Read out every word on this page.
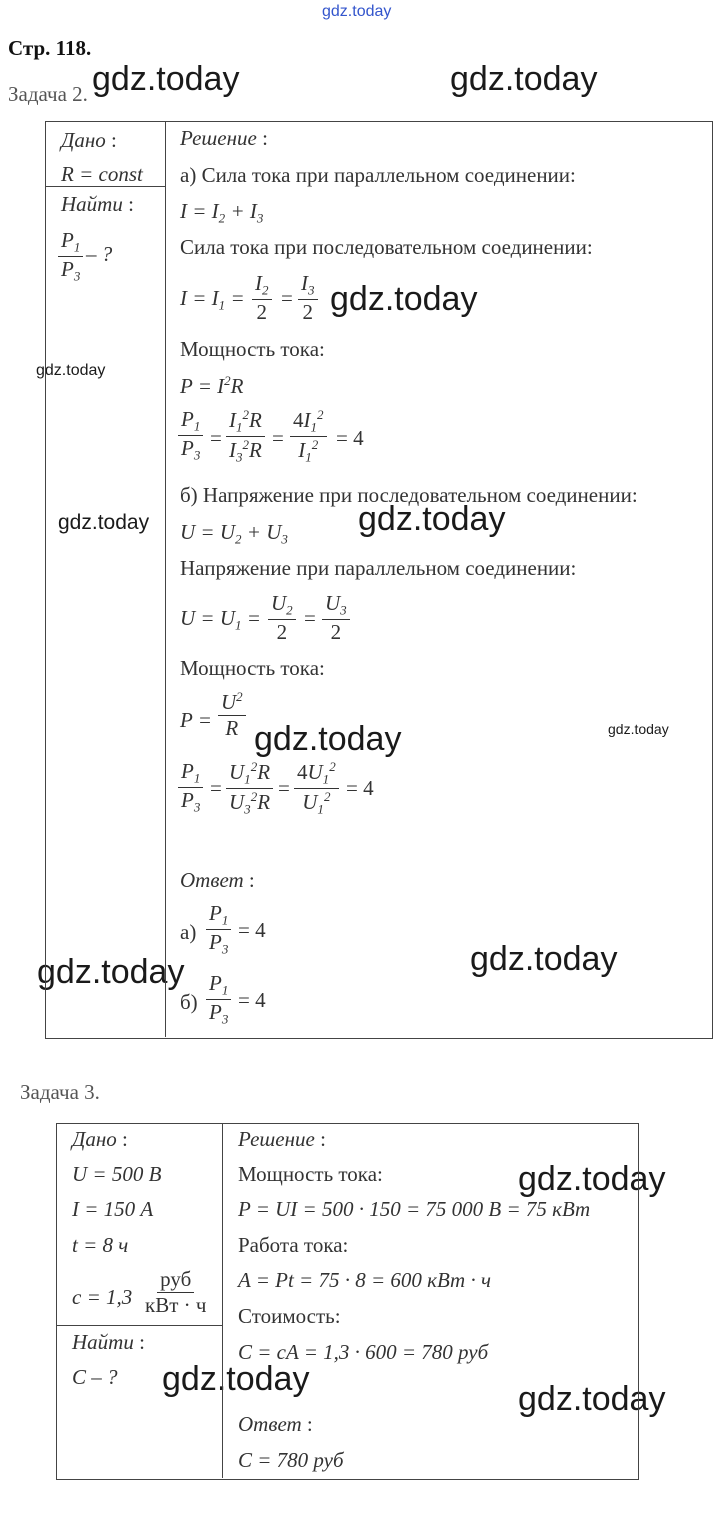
gdz.today
gdz.today	gdz.today
gdz.today
gdz.today
gdz.today	gdz.today
gdz.today	gdz.today
gdz.today	gdz.today
gdz.today
gdz.today
gdz.today
Стр. 118.
Задача 2.
Дано :
R = const
Найти :
$\frac{P_1}{P_3}$ – ?
Решение :
а) Сила тока при параллельном соединении:
$I = I_2 + I_3$
Сила тока при последовательном соединении:
$I = I_1 = \frac{I_2}{2} = \frac{I_3}{2}$
Мощность тока:
$P = I^2R$
$\frac{P_1}{P_3} = \frac{I_1^2R}{I_3^2R} = \frac{4I_1^2}{I_1^2} = 4$
б) Напряжение при последовательном соединении:
$U = U_2 + U_3$
Напряжение при параллельном соединении:
$U = U_1 = \frac{U_2}{2} = \frac{U_3}{2}$
Мощность тока:
$P = \frac{U^2}{R}$
$\frac{P_1}{P_3} = \frac{U_1^2R}{U_3^2R} = \frac{4U_1^2}{U_1^2} = 4$
Ответ :
$а) \frac{P_1}{P_3} = 4$
$б) \frac{P_1}{P_3} = 4$
Задача 3.
Дано :
U = 500 В
I = 150 А
t = 8 ч
c = 1,3
руб
кВт · ч
Найти :
C – ?
Решение :
Мощность тока:
P = UI = 500 · 150 = 75 000 В = 75 кВт
Работа тока:
A = Pt = 75 · 8 = 600 кВт · ч
Стоимость:
C = cA = 1,3 · 600 = 780 руб
Ответ :
C = 780 руб
